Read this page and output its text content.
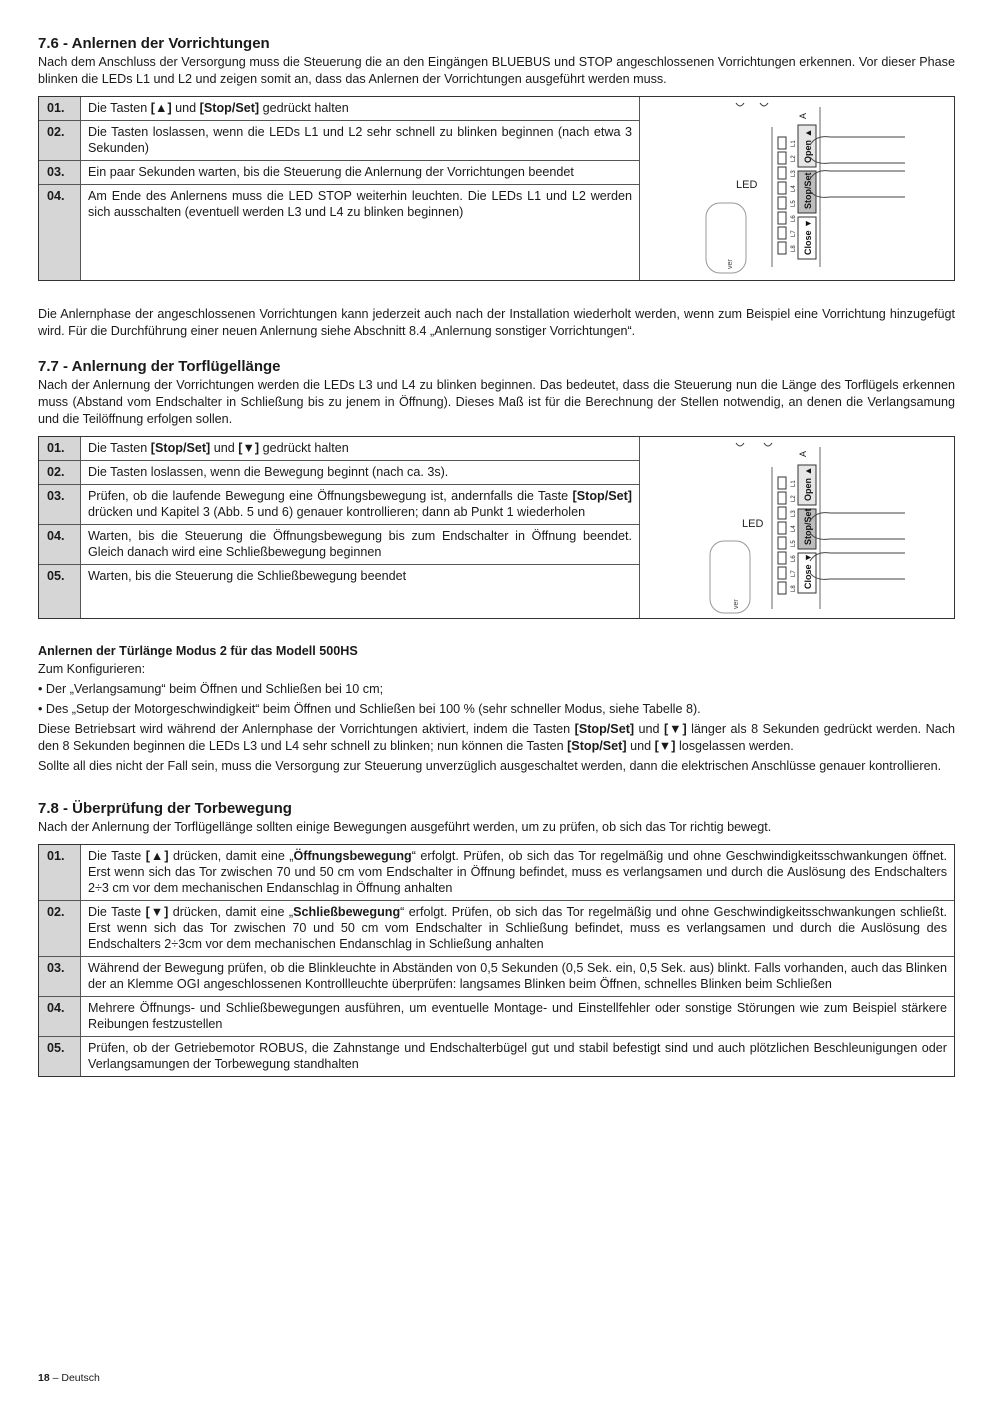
7.6 - Anlernen der Vorrichtungen

Nach dem Anschluss der Versorgung muss die Steuerung die an den Eingängen BLUEBUS und STOP angeschlossenen Vorrichtungen erkennen. Vor dieser Phase blinken die LEDs L1 und L2 und zeigen somit an, dass das Anlernen der Vorrichtungen ausgeführt werden muss.

01.	Die Tasten [▲] und [Stop/Set] gedrückt halten
02.	Die Tasten loslassen, wenn die LEDs L1 und L2 sehr schnell zu blinken beginnen (nach etwa 3 Sekunden)
03.	Ein paar Sekunden warten, bis die Steuerung die Anlernung der Vorrichtungen beendet
04.	Am Ende des Anlernens muss die LED STOP weiterhin leuchten. Die LEDs L1 und L2 werden sich ausschalten (eventuell werden L3 und L4 zu blinken beginnen)
A
LED
ver
L1
L2
L3
L4
L5
L6
L7
L8
Open ▲
Stop/Set
Close ▼

Die Anlernphase der angeschlossenen Vorrichtungen kann jederzeit auch nach der Installation wiederholt werden, wenn zum Beispiel eine Vorrichtung hinzugefügt wird. Für die Durchführung einer neuen Anlernung siehe Abschnitt 8.4 „Anlernung sonstiger Vorrichtungen“.

7.7 - Anlernung der Torflügellänge

Nach der Anlernung der Vorrichtungen werden die LEDs L3 und L4 zu blinken beginnen. Das bedeutet, dass die Steuerung nun die Länge des Torflügels erkennen muss (Abstand vom Endschalter in Schließung bis zu jenem in Öffnung). Dieses Maß ist für die Berechnung der Stellen notwendig, an denen die Verlangsamung und die Teilöffnung erfolgen sollen.

01.	Die Tasten [Stop/Set] und [▼] gedrückt halten
02.	Die Tasten loslassen, wenn die Bewegung beginnt (nach ca. 3s).
03.	Prüfen, ob die laufende Bewegung eine Öffnungsbewegung ist, andernfalls die Taste [Stop/Set] drücken und Kapitel 3 (Abb. 5 und 6) genauer kontrollieren; dann ab Punkt 1 wiederholen
04.	Warten, bis die Steuerung die Öffnungsbewegung bis zum Endschalter in Öffnung beendet. Gleich danach wird eine Schließbewegung beginnen
05.	Warten, bis die Steuerung die Schließbewegung beendet
A
LED
ver
L1
L2
L3
L4
L5
L6
L7
L8
Open ▲
Stop/Set
Close ▼
Anlernen der Türlänge Modus 2 für das Modell 500HS

Zum Konfigurieren:

• Der „Verlangsamung“ beim Öffnen und Schließen bei 10 cm;
• Des „Setup der Motorgeschwindigkeit“ beim Öffnen und Schließen bei 100 % (sehr schneller Modus, siehe Tabelle 8).

Diese Betriebsart wird während der Anlernphase der Vorrichtungen aktiviert, indem die Tasten [Stop/Set] und [▼] länger als 8 Sekunden gedrückt werden. Nach den 8 Sekunden beginnen die LEDs L3 und L4 sehr schnell zu blinken; nun können die Tasten [Stop/Set] und [▼] losgelassen werden.

Sollte all dies nicht der Fall sein, muss die Versorgung zur Steuerung unverzüglich ausgeschaltet werden, dann die elektrischen Anschlüsse genauer kontrollieren.

7.8 - Überprüfung der Torbewegung

Nach der Anlernung der Torflügellänge sollten einige Bewegungen ausgeführt werden, um zu prüfen, ob sich das Tor richtig bewegt.

01.	Die Taste [▲] drücken, damit eine „Öffnungsbewegung“ erfolgt. Prüfen, ob sich das Tor regelmäßig und ohne Geschwindigkeitsschwankungen öffnet. Erst wenn sich das Tor zwischen 70 und 50 cm vom Endschalter in Öffnung befindet, muss es verlangsamen und durch die Auslösung des Endschalters 2÷3 cm vor dem mechanischen Endanschlag in Öffnung anhalten
02.	Die Taste [▼] drücken, damit eine „Schließbewegung“ erfolgt. Prüfen, ob sich das Tor regelmäßig und ohne Geschwindigkeitsschwankungen schließt. Erst wenn sich das Tor zwischen 70 und 50 cm vom Endschalter in Schließung befindet, muss es verlangsamen und durch die Auslösung des Endschalters 2÷3cm vor dem mechanischen Endanschlag in Schließung anhalten
03.	Während der Bewegung prüfen, ob die Blinkleuchte in Abständen von 0,5 Sekunden (0,5 Sek. ein, 0,5 Sek. aus) blinkt. Falls vorhanden, auch das Blinken der an Klemme OGI angeschlossenen Kontrollleuchte überprüfen: langsames Blinken beim Öffnen, schnelles Blinken beim Schließen
04.	Mehrere Öffnungs- und Schließbewegungen ausführen, um eventuelle Montage- und Einstellfehler oder sonstige Störungen wie zum Beispiel stärkere Reibungen festzustellen
05.	Prüfen, ob der Getriebemotor ROBUS, die Zahnstange und Endschalterbügel gut und stabil befestigt sind und auch plötzlichen Beschleunigungen oder Verlangsamungen der Torbewegung standhalten
18 – Deutsch
